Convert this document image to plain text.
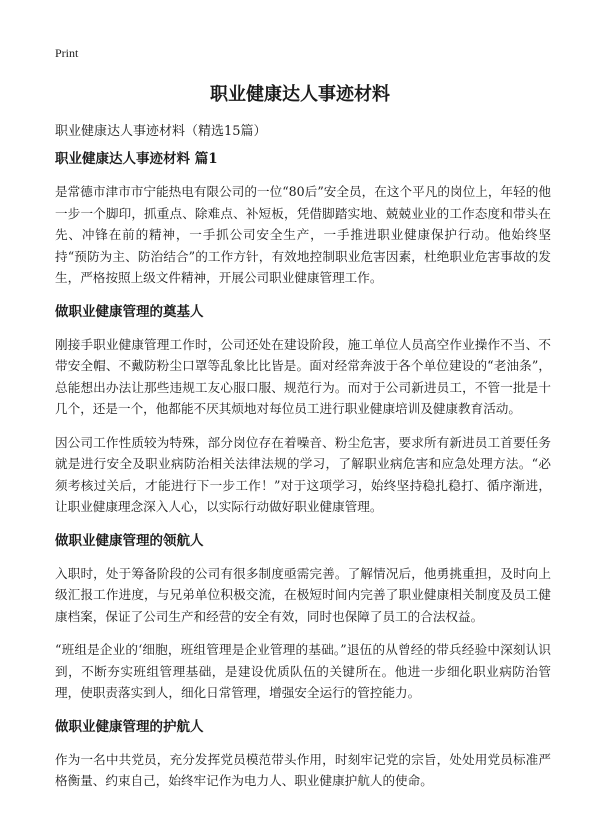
Print
职业健康达人事迹材料
职业健康达人事迹材料（精选15篇）
职业健康达人事迹材料 篇1

是常德市津市市宁能热电有限公司的一位“80后”安全员，在这个平凡的岗位上，年轻的他一步一个脚印，抓重点、除难点、补短板，凭借脚踏实地、兢兢业业的工作态度和带头在先、冲锋在前的精神，一手抓公司安全生产，一手推进职业健康保护行动。他始终坚持“预防为主、防治结合”的工作方针，有效地控制职业危害因素，杜绝职业危害事故的发生，严格按照上级文件精神，开展公司职业健康管理工作。

做职业健康管理的奠基人

刚接手职业健康管理工作时，公司还处在建设阶段，施工单位人员高空作业操作不当、不带安全帽、不戴防粉尘口罩等乱象比比皆是。面对经常奔波于各个单位建设的“老油条”，总能想出办法让那些违规工友心服口服、规范行为。而对于公司新进员工，不管一批是十几个，还是一个，他都能不厌其烦地对每位员工进行职业健康培训及健康教育活动。

因公司工作性质较为特殊，部分岗位存在着噪音、粉尘危害，要求所有新进员工首要任务就是进行安全及职业病防治相关法律法规的学习，了解职业病危害和应急处理方法。“必须考核过关后，才能进行下一步工作！”对于这项学习，始终坚持稳扎稳打、循序渐进，让职业健康理念深入人心，以实际行动做好职业健康管理。

做职业健康管理的领航人

入职时，处于筹备阶段的公司有很多制度亟需完善。了解情况后，他勇挑重担，及时向上级汇报工作进度，与兄弟单位积极交流，在极短时间内完善了职业健康相关制度及员工健康档案，保证了公司生产和经营的安全有效，同时也保障了员工的合法权益。

“班组是企业的‘细胞，班组管理是企业管理的基础。”退伍的从曾经的带兵经验中深刻认识到，不断夯实班组管理基础，是建设优质队伍的关键所在。他进一步细化职业病防治管理，使职责落实到人，细化日常管理，增强安全运行的管控能力。

做职业健康管理的护航人

作为一名中共党员，充分发挥党员模范带头作用，时刻牢记党的宗旨，处处用党员标准严格衡量、约束自己，始终牢记作为电力人、职业健康护航人的使命。
